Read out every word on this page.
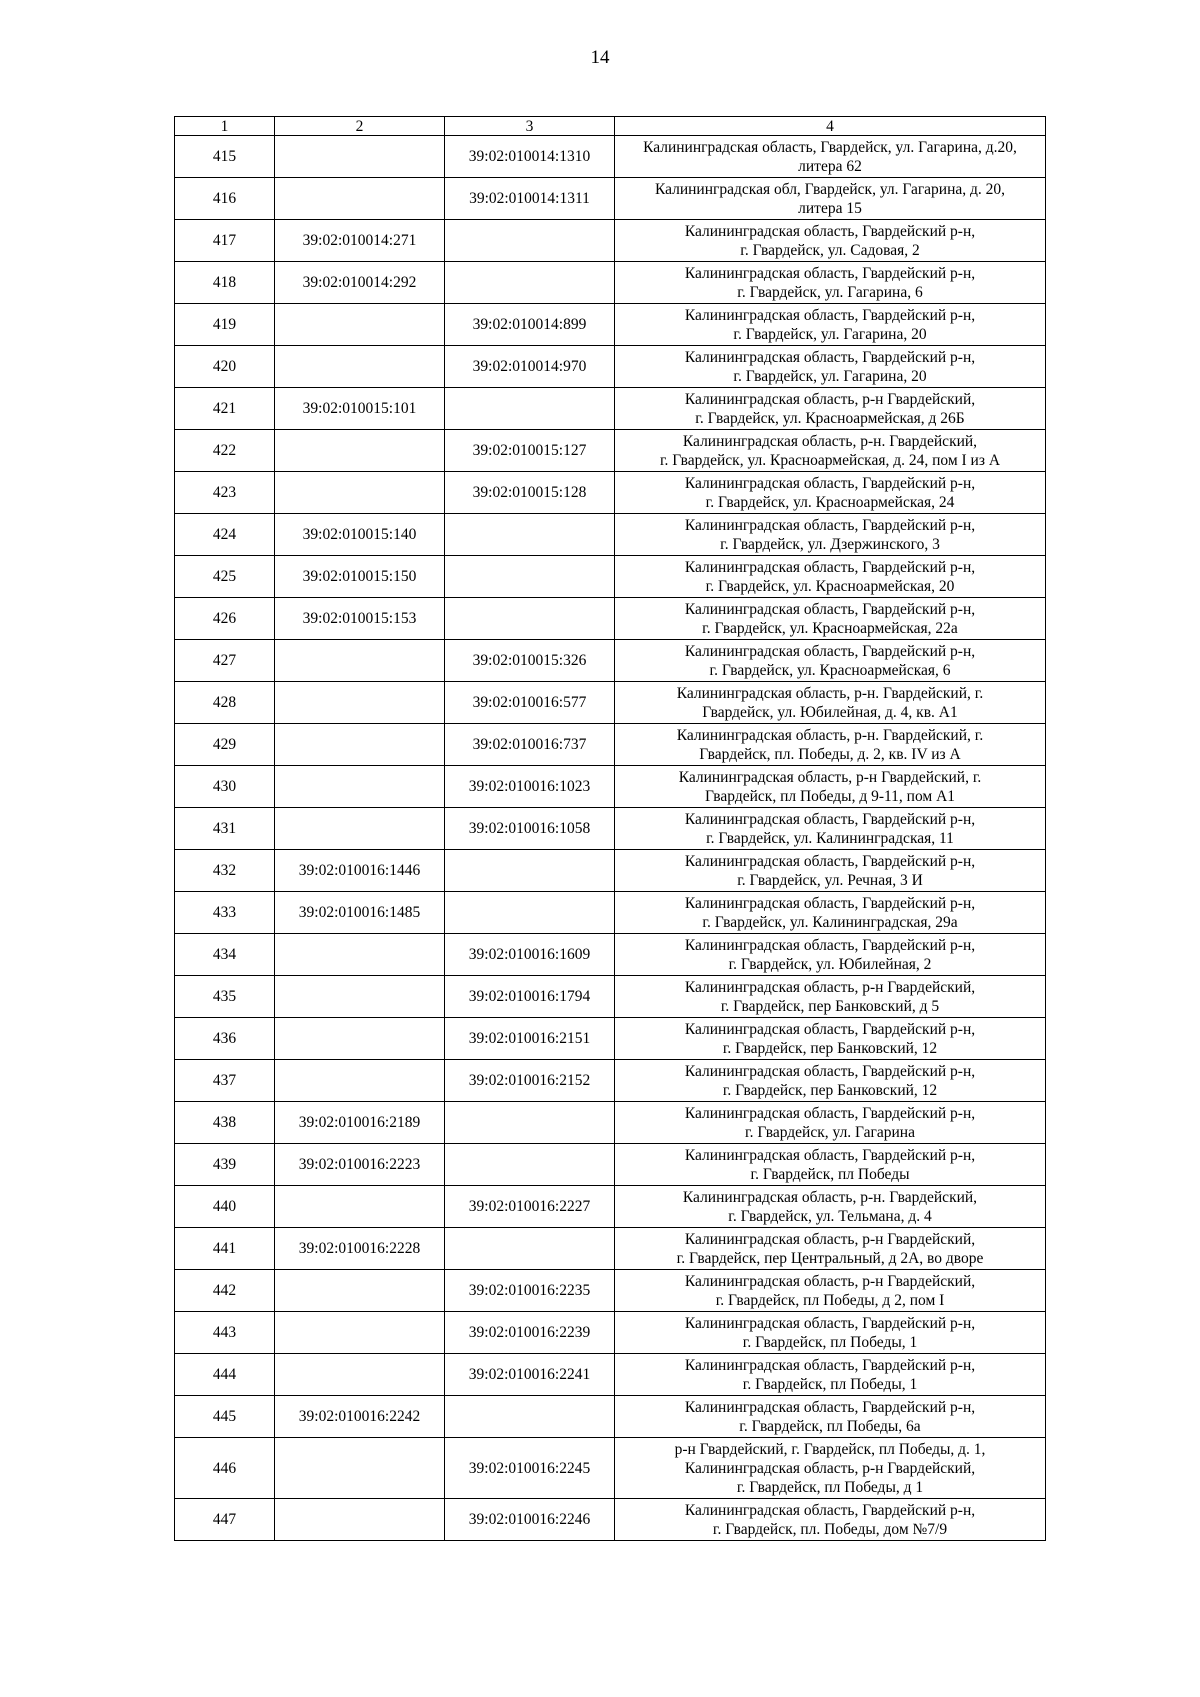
14
1	2	3	4
415		39:02:010014:1310	Калининградская область, Гвардейск, ул. Гагарина, д.20,
литера 62
416		39:02:010014:1311	Калининградская обл, Гвардейск, ул. Гагарина, д. 20,
литера 15
417	39:02:010014:271		Калининградская область, Гвардейский р-н,
г. Гвардейск, ул. Садовая, 2
418	39:02:010014:292		Калининградская область, Гвардейский р-н,
г. Гвардейск, ул. Гагарина, 6
419		39:02:010014:899	Калининградская область, Гвардейский р-н,
г. Гвардейск, ул. Гагарина, 20
420		39:02:010014:970	Калининградская область, Гвардейский р-н,
г. Гвардейск, ул. Гагарина, 20
421	39:02:010015:101		Калининградская область, р-н Гвардейский,
г. Гвардейск, ул. Красноармейская, д 26Б
422		39:02:010015:127	Калининградская область, р-н. Гвардейский,
г. Гвардейск, ул. Красноармейская, д. 24, пом I из А
423		39:02:010015:128	Калининградская область, Гвардейский р-н,
г. Гвардейск, ул. Красноармейская, 24
424	39:02:010015:140		Калининградская область, Гвардейский р-н,
г. Гвардейск, ул. Дзержинского, 3
425	39:02:010015:150		Калининградская область, Гвардейский р-н,
г. Гвардейск, ул. Красноармейская, 20
426	39:02:010015:153		Калининградская область, Гвардейский р-н,
г. Гвардейск, ул. Красноармейская, 22а
427		39:02:010015:326	Калининградская область, Гвардейский р-н,
г. Гвардейск, ул. Красноармейская, 6
428		39:02:010016:577	Калининградская область, р-н. Гвардейский, г.
Гвардейск, ул. Юбилейная, д. 4, кв. А1
429		39:02:010016:737	Калининградская область, р-н. Гвардейский, г.
Гвардейск, пл. Победы, д. 2, кв. IV из А
430		39:02:010016:1023	Калининградская область, р-н Гвардейский, г.
Гвардейск, пл Победы, д 9-11, пом А1
431		39:02:010016:1058	Калининградская область, Гвардейский р-н,
г. Гвардейск, ул. Калининградская, 11
432	39:02:010016:1446		Калининградская область, Гвардейский р-н,
г. Гвардейск, ул. Речная, 3 И
433	39:02:010016:1485		Калининградская область, Гвардейский р-н,
г. Гвардейск, ул. Калининградская, 29а
434		39:02:010016:1609	Калининградская область, Гвардейский р-н,
г. Гвардейск, ул. Юбилейная, 2
435		39:02:010016:1794	Калининградская область, р-н Гвардейский,
г. Гвардейск, пер Банковский, д 5
436		39:02:010016:2151	Калининградская область, Гвардейский р-н,
г. Гвардейск, пер Банковский, 12
437		39:02:010016:2152	Калининградская область, Гвардейский р-н,
г. Гвардейск, пер Банковский, 12
438	39:02:010016:2189		Калининградская область, Гвардейский р-н,
г. Гвардейск, ул. Гагарина
439	39:02:010016:2223		Калининградская область, Гвардейский р-н,
г. Гвардейск, пл Победы
440		39:02:010016:2227	Калининградская область, р-н. Гвардейский,
г. Гвардейск, ул. Тельмана, д. 4
441	39:02:010016:2228		Калининградская область, р-н Гвардейский,
г. Гвардейск, пер Центральный, д 2А, во дворе
442		39:02:010016:2235	Калининградская область, р-н Гвардейский,
г. Гвардейск, пл Победы, д 2, пом I
443		39:02:010016:2239	Калининградская область, Гвардейский р-н,
г. Гвардейск, пл Победы, 1
444		39:02:010016:2241	Калининградская область, Гвардейский р-н,
г. Гвардейск, пл Победы, 1
445	39:02:010016:2242		Калининградская область, Гвардейский р-н,
г. Гвардейск, пл Победы, 6а
446		39:02:010016:2245	р-н Гвардейский, г. Гвардейск, пл Победы, д. 1,
Калининградская область, р-н Гвардейский,
г. Гвардейск, пл Победы, д 1
447		39:02:010016:2246	Калининградская область, Гвардейский р-н,
г. Гвардейск, пл. Победы, дом №7/9
